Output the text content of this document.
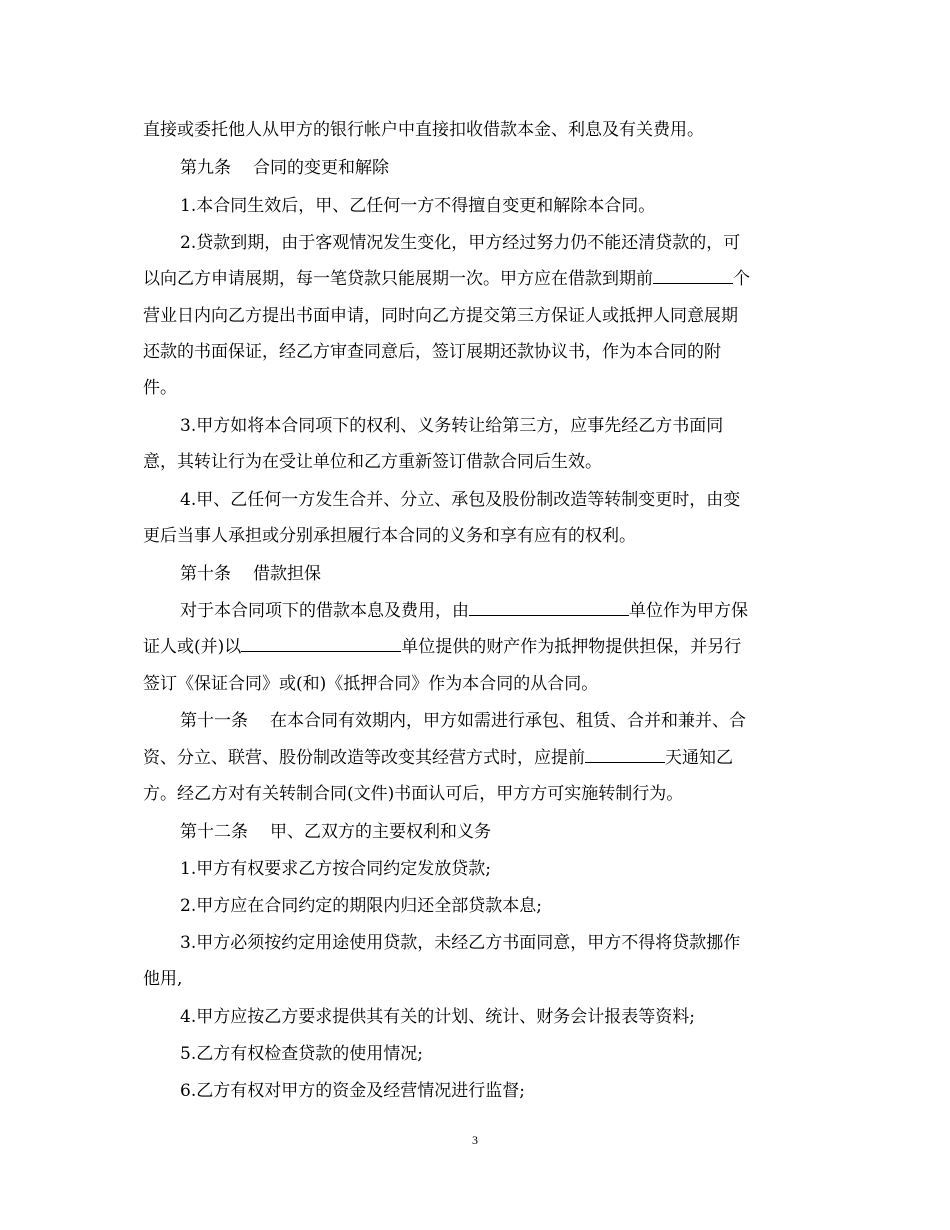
直接或委托他人从甲方的银行帐户中直接扣收借款本金、利息及有关费用。
第九条 合同的变更和解除
1.本合同生效后，甲、乙任何一方不得擅自变更和解除本合同。
2.贷款到期，由于客观情况发生变化，甲方经过努力仍不能还清贷款的，可
以向乙方申请展期，每一笔贷款只能展期一次。甲方应在借款到期前	个
营业日内向乙方提出书面申请，同时向乙方提交第三方保证人或抵押人同意展期
还款的书面保证，经乙方审查同意后，签订展期还款协议书，作为本合同的附
件。
3.甲方如将本合同项下的权利、义务转让给第三方，应事先经乙方书面同
意，其转让行为在受让单位和乙方重新签订借款合同后生效。
4.甲、乙任何一方发生合并、分立、承包及股份制改造等转制变更时，由变
更后当事人承担或分别承担履行本合同的义务和享有应有的权利。
第十条 借款担保
对于本合同项下的借款本息及费用，由	单位作为甲方保
证人或(并)以	单位提供的财产作为抵押物提供担保，并另行
签订《保证合同》或(和)《抵押合同》作为本合同的从合同。
第十一条 在本合同有效期内，甲方如需进行承包、租赁、合并和兼并、合
资、分立、联营、股份制改造等改变其经营方式时，应提前	天通知乙
方。经乙方对有关转制合同(文件)书面认可后，甲方方可实施转制行为。
第十二条 甲、乙双方的主要权利和义务
1.甲方有权要求乙方按合同约定发放贷款;
2.甲方应在合同约定的期限内归还全部贷款本息;
3.甲方必须按约定用途使用贷款，未经乙方书面同意，甲方不得将贷款挪作
他用,
4.甲方应按乙方要求提供其有关的计划、统计、财务会计报表等资料;
5.乙方有权检查贷款的使用情况;
6.乙方有权对甲方的资金及经营情况进行监督;
3
